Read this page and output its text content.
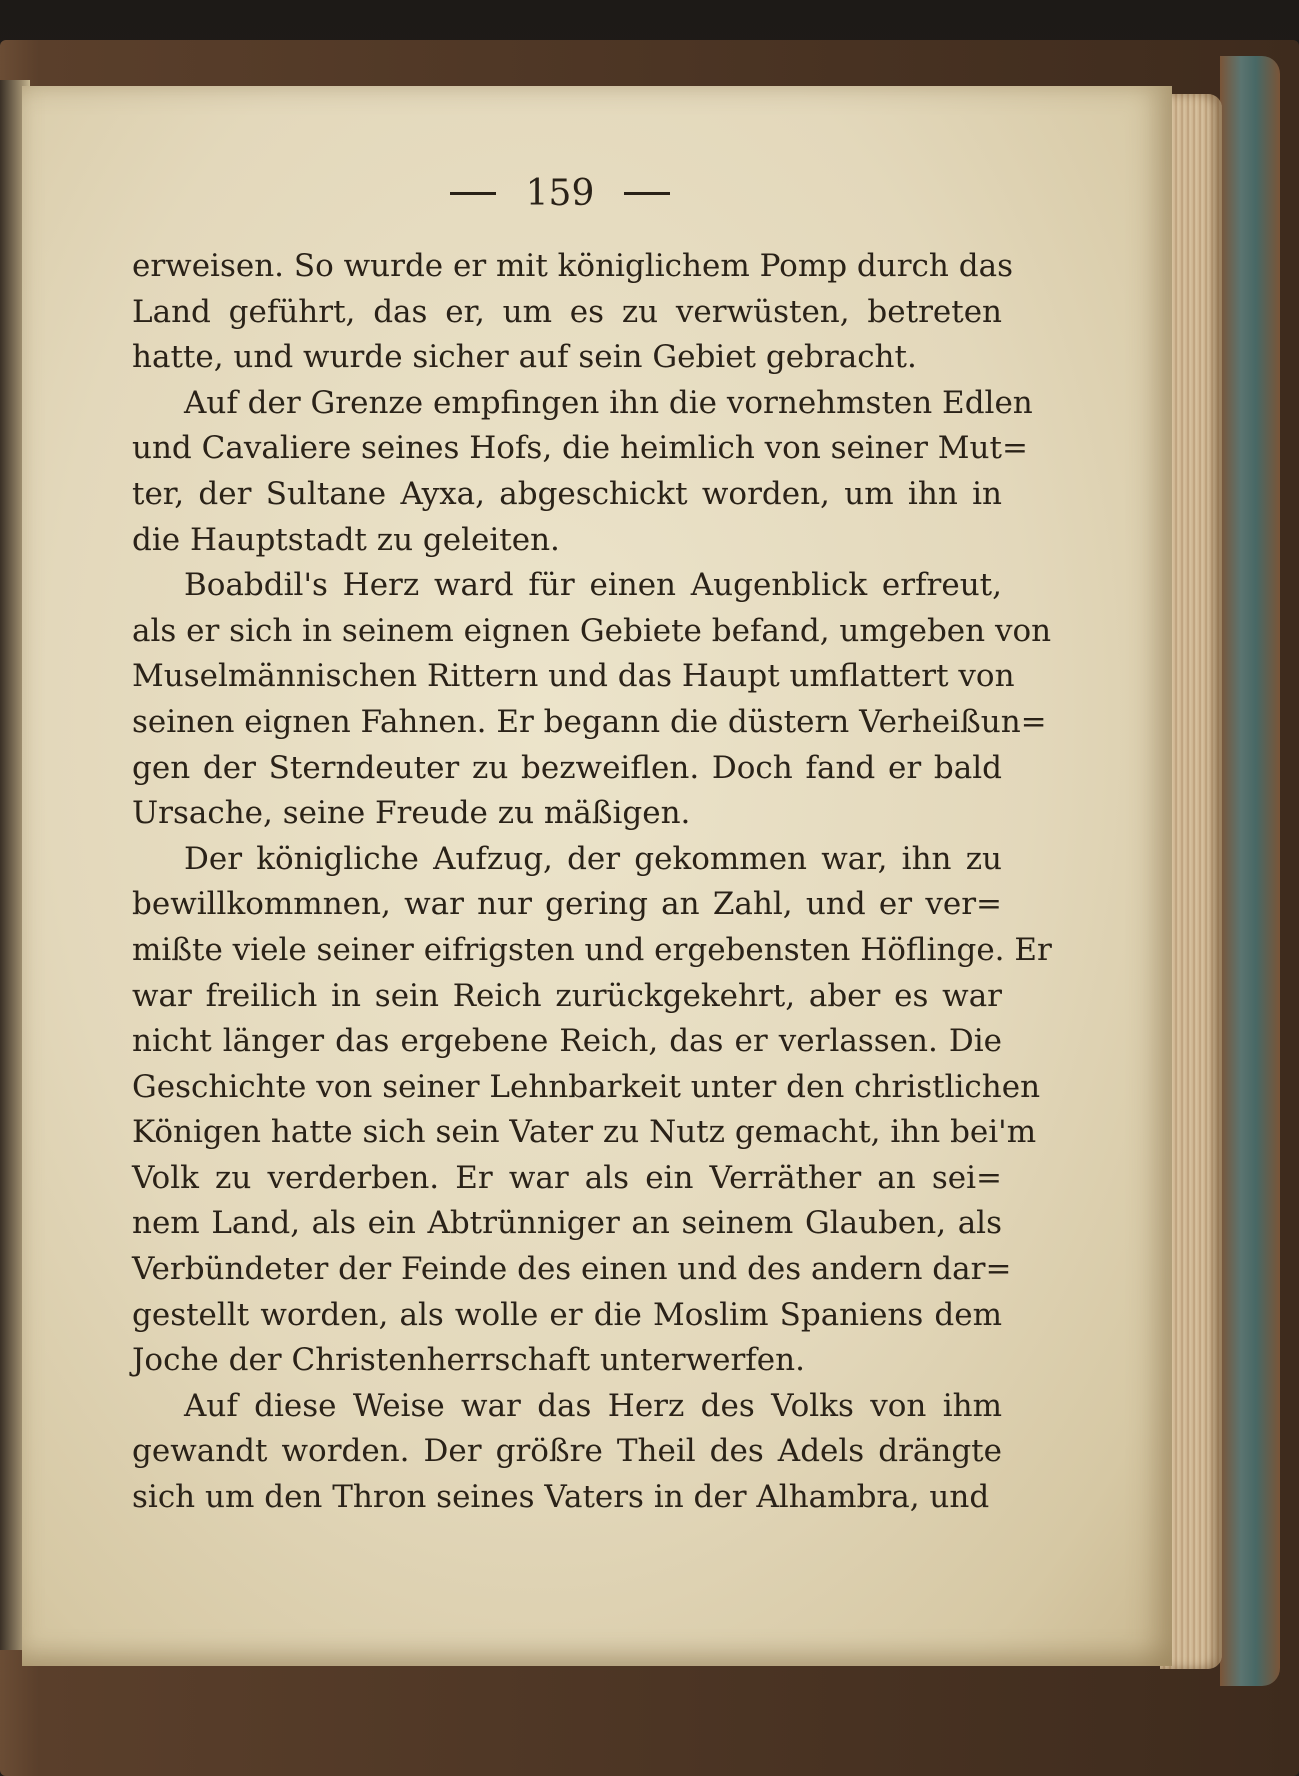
159
erweisen. So wurde er mit königlichem Pomp durch das
Land geführt, das er, um es zu verwüsten, betreten
hatte, und wurde sicher auf sein Gebiet gebracht.
Auf der Grenze empfingen ihn die vornehmsten Edlen
und Cavaliere seines Hofs, die heimlich von seiner Mut=
ter, der Sultane Ayxa, abgeschickt worden, um ihn in
die Hauptstadt zu geleiten.
Boabdil's Herz ward für einen Augenblick erfreut,
als er sich in seinem eignen Gebiete befand, umgeben von
Muselmännischen Rittern und das Haupt umflattert von
seinen eignen Fahnen. Er begann die düstern Verheißun=
gen der Sterndeuter zu bezweiflen. Doch fand er bald
Ursache, seine Freude zu mäßigen.
Der königliche Aufzug, der gekommen war, ihn zu
bewillkommnen, war nur gering an Zahl, und er ver=
mißte viele seiner eifrigsten und ergebensten Höflinge. Er
war freilich in sein Reich zurückgekehrt, aber es war
nicht länger das ergebene Reich, das er verlassen. Die
Geschichte von seiner Lehnbarkeit unter den christlichen
Königen hatte sich sein Vater zu Nutz gemacht, ihn bei'm
Volk zu verderben. Er war als ein Verräther an sei=
nem Land, als ein Abtrünniger an seinem Glauben, als
Verbündeter der Feinde des einen und des andern dar=
gestellt worden, als wolle er die Moslim Spaniens dem
Joche der Christenherrschaft unterwerfen.
Auf diese Weise war das Herz des Volks von ihm
gewandt worden. Der größre Theil des Adels drängte
sich um den Thron seines Vaters in der Alhambra, und
